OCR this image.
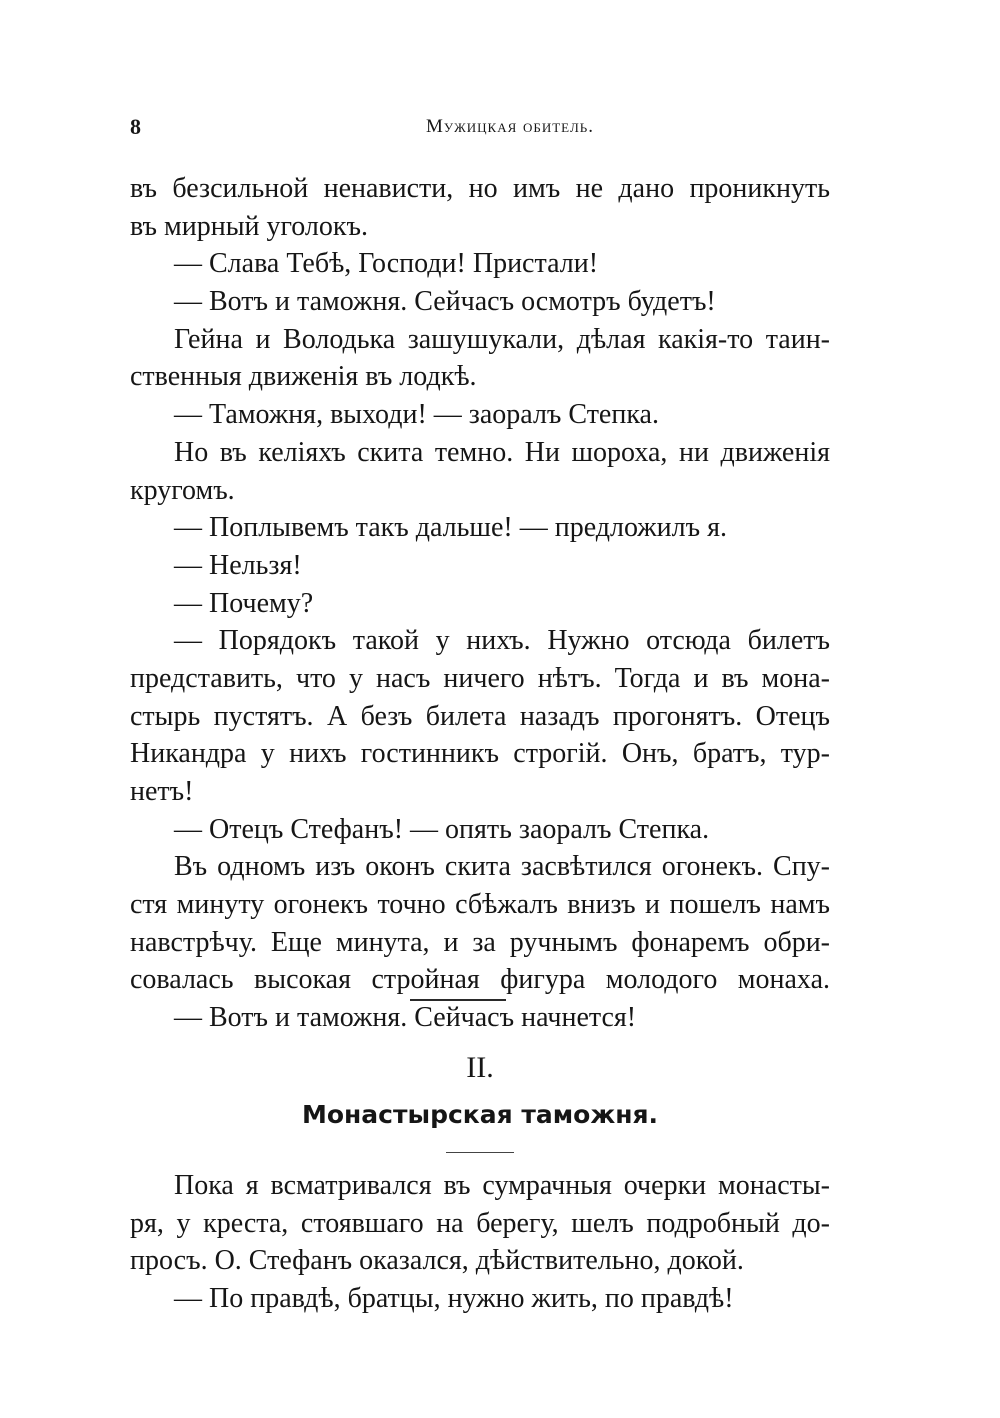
8	Мужицкая обитель.
въ безсильной ненависти, но имъ не дано проникнуть
въ мирный уголокъ.
— Слава Тебѣ, Господи! Пристали!
— Вотъ и таможня. Сейчасъ осмотръ будетъ!
Гейна и Володька зашушукали, дѣлая какія-то таин-
ственныя движенія въ лодкѣ.
— Таможня, выходи! — заоралъ Степка.
Но въ келіяхъ скита темно. Ни шороха, ни движенія
кругомъ.
— Поплывемъ такъ дальше! — предложилъ я.
— Нельзя!
— Почему?
— Порядокъ такой у нихъ. Нужно отсюда билетъ
представить, что у насъ ничего нѣтъ. Тогда и въ мона-
стырь пустятъ. А безъ билета назадъ прогонятъ. Отецъ
Никандра у нихъ гостинникъ строгій. Онъ, братъ, тур-
нетъ!
— Отецъ Стефанъ! — опять заоралъ Степка.
Въ одномъ изъ оконъ скита засвѣтился огонекъ. Спу-
стя минуту огонекъ точно сбѣжалъ внизъ и пошелъ намъ
навстрѣчу. Еще минута, и за ручнымъ фонаремъ обри-
совалась высокая стройная фигура молодого монаха.
— Вотъ и таможня. Сейчасъ начнется!
II.
Монастырская таможня.
Пока я всматривался въ сумрачныя очерки монасты-
ря, у креста, стоявшаго на берегу, шелъ подробный до-
просъ. О. Стефанъ оказался, дѣйствительно, докой.
— По правдѣ, братцы, нужно жить, по правдѣ!
